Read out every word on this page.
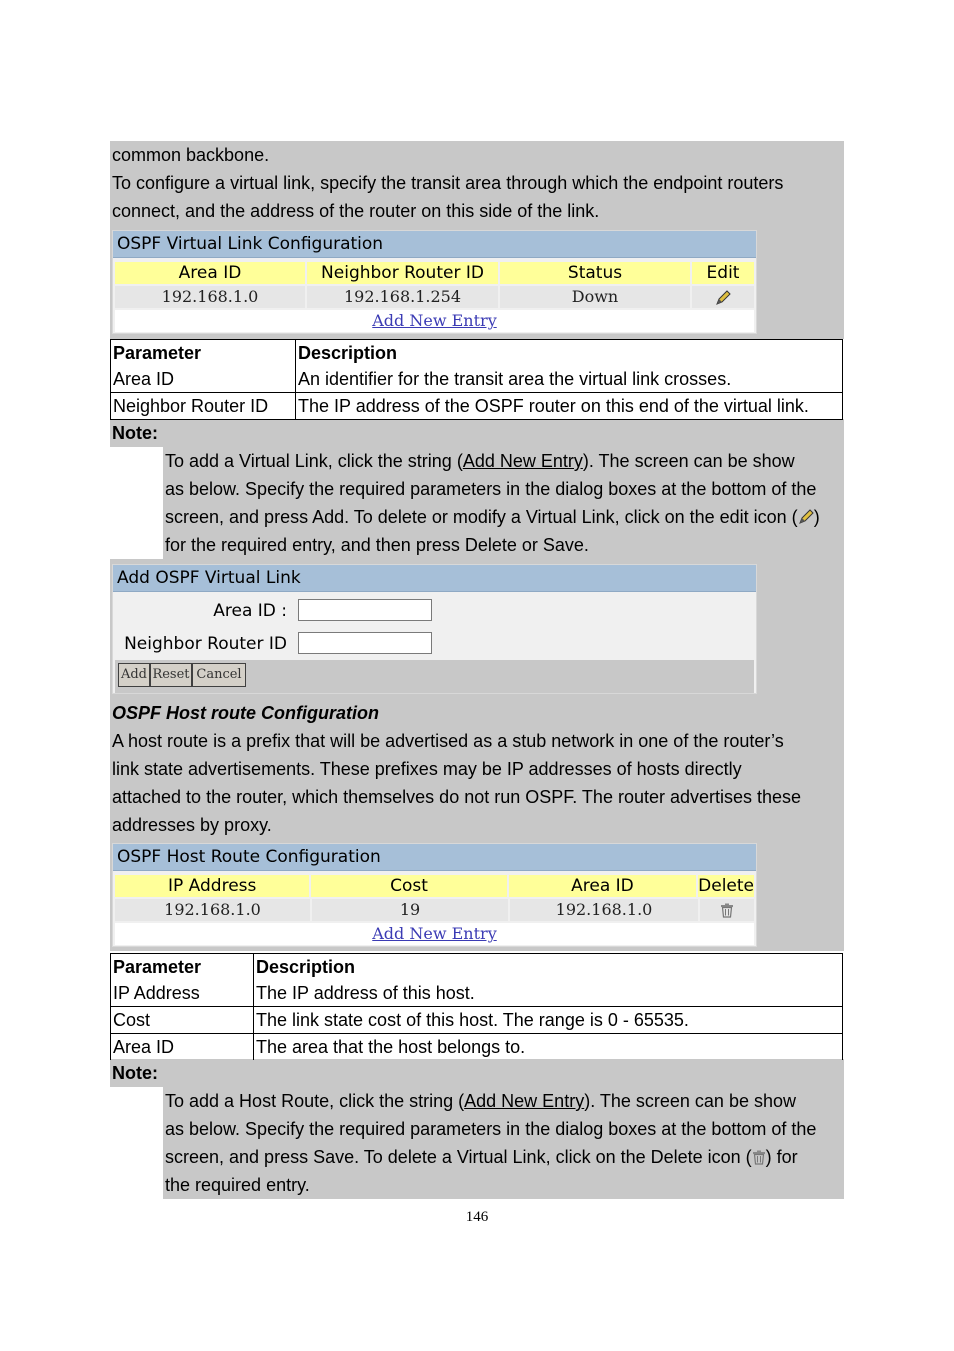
common backbone.
To configure a virtual link, specify the transit area through which the endpoint routers
connect, and the address of the router on this side of the link.
OSPF Virtual Link Configuration
Area ID	Neighbor Router ID	Status	Edit
192.168.1.0	192.168.1.254	Down
Add New Entry
Parameter	Description
Area ID	An identifier for the transit area the virtual link crosses.
Neighbor Router ID	The IP address of the OSPF router on this end of the virtual link.
Note:
To add a Virtual Link, click the string (Add New Entry). The screen can be show
as below. Specify the required parameters in the dialog boxes at the bottom of the
screen, and press Add. To delete or modify a Virtual Link, click on the edit icon ( )
for the required entry, and then press Delete or Save.
Add OSPF Virtual Link
Area ID :
Neighbor Router ID
Add Reset Cancel
OSPF Host route Configuration
A host route is a prefix that will be advertised as a stub network in one of the router’s
link state advertisements. These prefixes may be IP addresses of hosts directly
attached to the router, which themselves do not run OSPF. The router advertises these
addresses by proxy.
OSPF Host Route Configuration
IP Address	Cost	Area ID	Delete
192.168.1.0	19	192.168.1.0
Add New Entry
Parameter	Description
IP Address	The IP address of this host.
Cost	The link state cost of this host. The range is 0 - 65535.
Area ID	The area that the host belongs to.
Note:
To add a Host Route, click the string (Add New Entry). The screen can be show
as below. Specify the required parameters in the dialog boxes at the bottom of the
screen, and press Save. To delete a Virtual Link, click on the Delete icon ( ) for
the required entry.
146
